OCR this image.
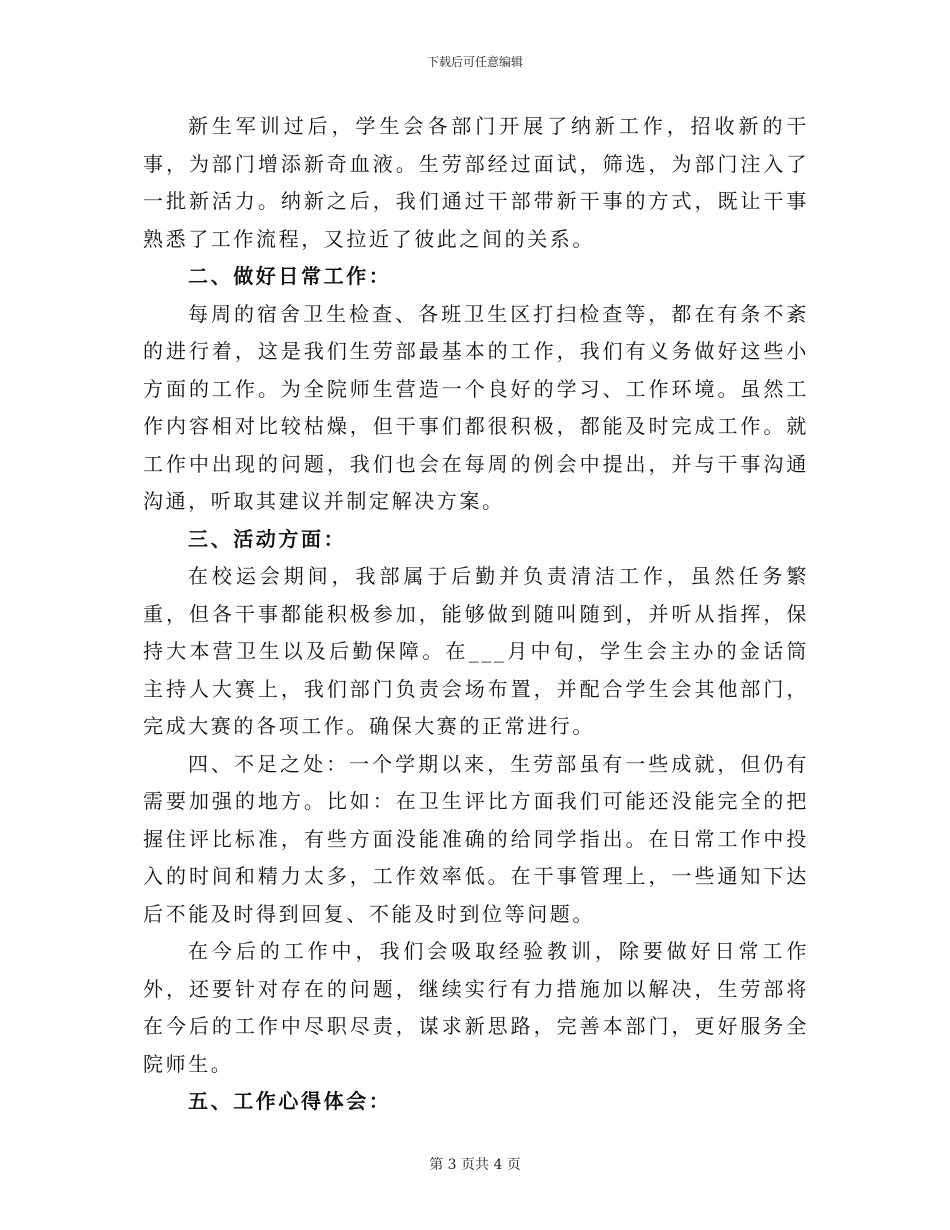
下载后可任意编辑

新生军训过后，学生会各部门开展了纳新工作，招收新的干事，为部门增添新奇血液。生劳部经过面试，筛选，为部门注入了一批新活力。纳新之后，我们通过干部带新干事的方式，既让干事熟悉了工作流程，又拉近了彼此之间的关系。

二、做好日常工作：

每周的宿舍卫生检查、各班卫生区打扫检查等，都在有条不紊的进行着，这是我们生劳部最基本的工作，我们有义务做好这些小方面的工作。为全院师生营造一个良好的学习、工作环境。虽然工作内容相对比较枯燥，但干事们都很积极，都能及时完成工作。就工作中出现的问题，我们也会在每周的例会中提出，并与干事沟通沟通，听取其建议并制定解决方案。

三、活动方面：

在校运会期间，我部属于后勤并负责清洁工作，虽然任务繁重，但各干事都能积极参加，能够做到随叫随到，并听从指挥，保持大本营卫生以及后勤保障。在___月中旬，学生会主办的金话筒主持人大赛上，我们部门负责会场布置，并配合学生会其他部门，完成大赛的各项工作。确保大赛的正常进行。

四、不足之处：一个学期以来，生劳部虽有一些成就，但仍有需要加强的地方。比如：在卫生评比方面我们可能还没能完全的把握住评比标准，有些方面没能准确的给同学指出。在日常工作中投入的时间和精力太多，工作效率低。在干事管理上，一些通知下达后不能及时得到回复、不能及时到位等问题。

在今后的工作中，我们会吸取经验教训，除要做好日常工作外，还要针对存在的问题，继续实行有力措施加以解决，生劳部将在今后的工作中尽职尽责，谋求新思路，完善本部门，更好服务全院师生。

五、工作心得体会：

第 3 页共 4 页
